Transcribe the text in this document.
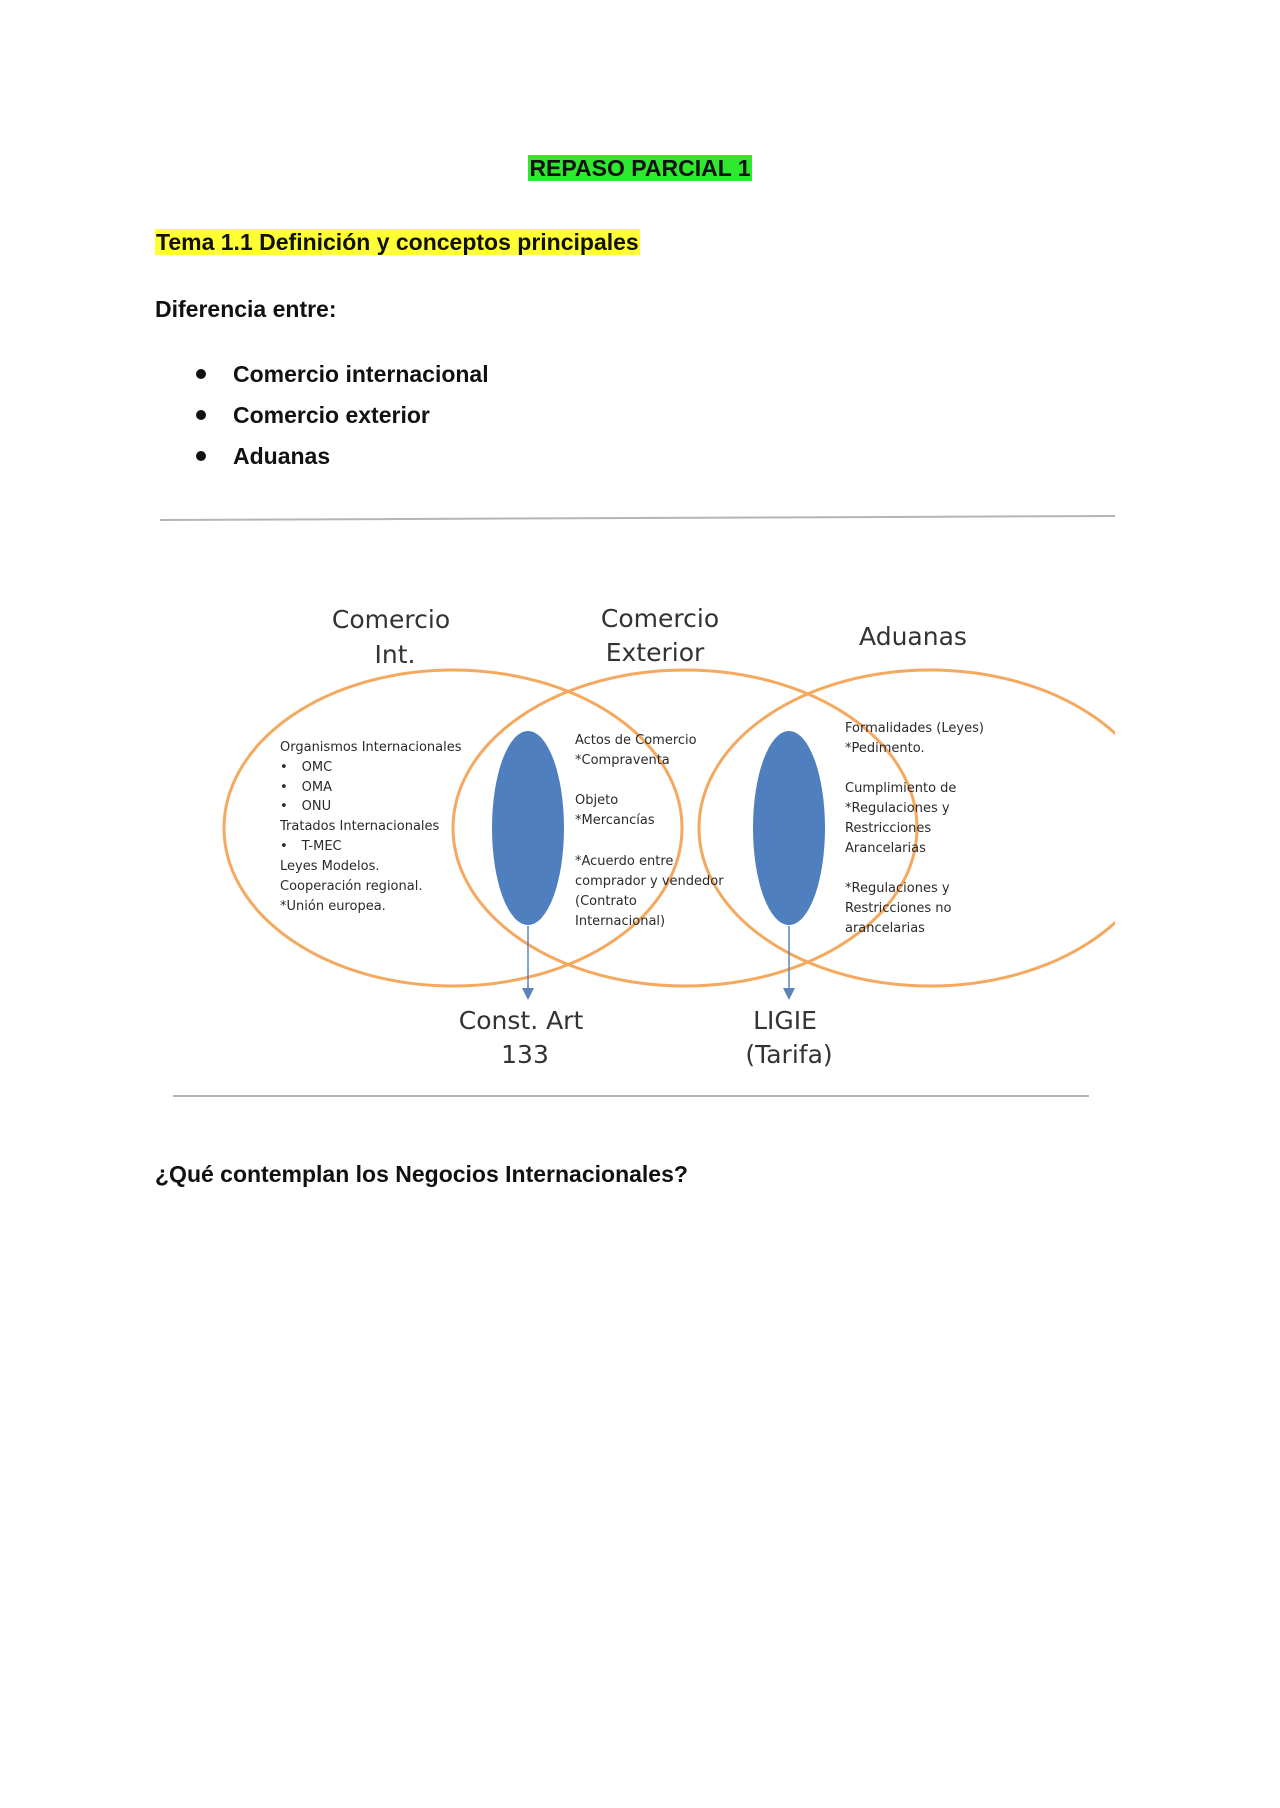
REPASO PARCIAL 1
Tema 1.1 Definición y conceptos principales
Diferencia entre:
Comercio internacional
Comercio exterior
Aduanas
Comercio Int.
Comercio Exterior
Aduanas
Organismos Internacionales
• OMC
• OMA
• ONU
Tratados Internacionales
• T-MEC
Leyes Modelos.
Cooperación regional.
*Unión europea.
Actos de Comercio *Compraventa Objeto *Mercancías *Acuerdo entre comprador y vendedor (Contrato Internacional)
Formalidades (Leyes) *Pedimento. Cumplimiento de *Regulaciones y Restricciones Arancelarias *Regulaciones y Restricciones no arancelarias
Const. Art 133
LIGIE (Tarifa)
¿Qué contemplan los Negocios Internacionales?
